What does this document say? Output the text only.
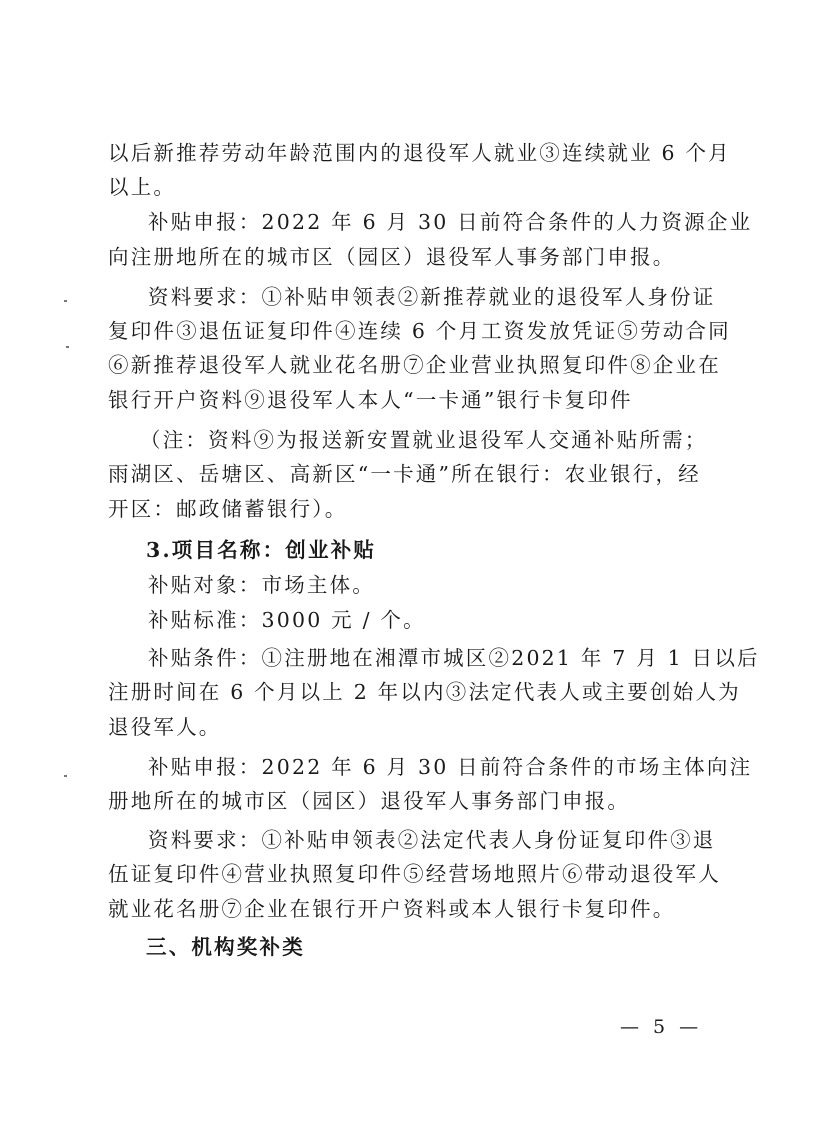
以后新推荐劳动年龄范围内的退役军人就业③连续就业 6 个月
以上。
补贴申报：2022 年 6 月 30 日前符合条件的人力资源企业
向注册地所在的城市区（园区）退役军人事务部门申报。
资料要求：①补贴申领表②新推荐就业的退役军人身份证
复印件③退伍证复印件④连续 6 个月工资发放凭证⑤劳动合同
⑥新推荐退役军人就业花名册⑦企业营业执照复印件⑧企业在
银行开户资料⑨退役军人本人“一卡通”银行卡复印件
（注：资料⑨为报送新安置就业退役军人交通补贴所需；
雨湖区、岳塘区、高新区“一卡通”所在银行：农业银行，经
开区：邮政储蓄银行）。
3.项目名称：创业补贴
补贴对象：市场主体。
补贴标准：3000 元 / 个。
补贴条件：①注册地在湘潭市城区②2021 年 7 月 1 日以后
注册时间在 6 个月以上 2 年以内③法定代表人或主要创始人为
退役军人。
补贴申报：2022 年 6 月 30 日前符合条件的市场主体向注
册地所在的城市区（园区）退役军人事务部门申报。
资料要求：①补贴申领表②法定代表人身份证复印件③退
伍证复印件④营业执照复印件⑤经营场地照片⑥带动退役军人
就业花名册⑦企业在银行开户资料或本人银行卡复印件。
三、机构奖补类
— 5 —
